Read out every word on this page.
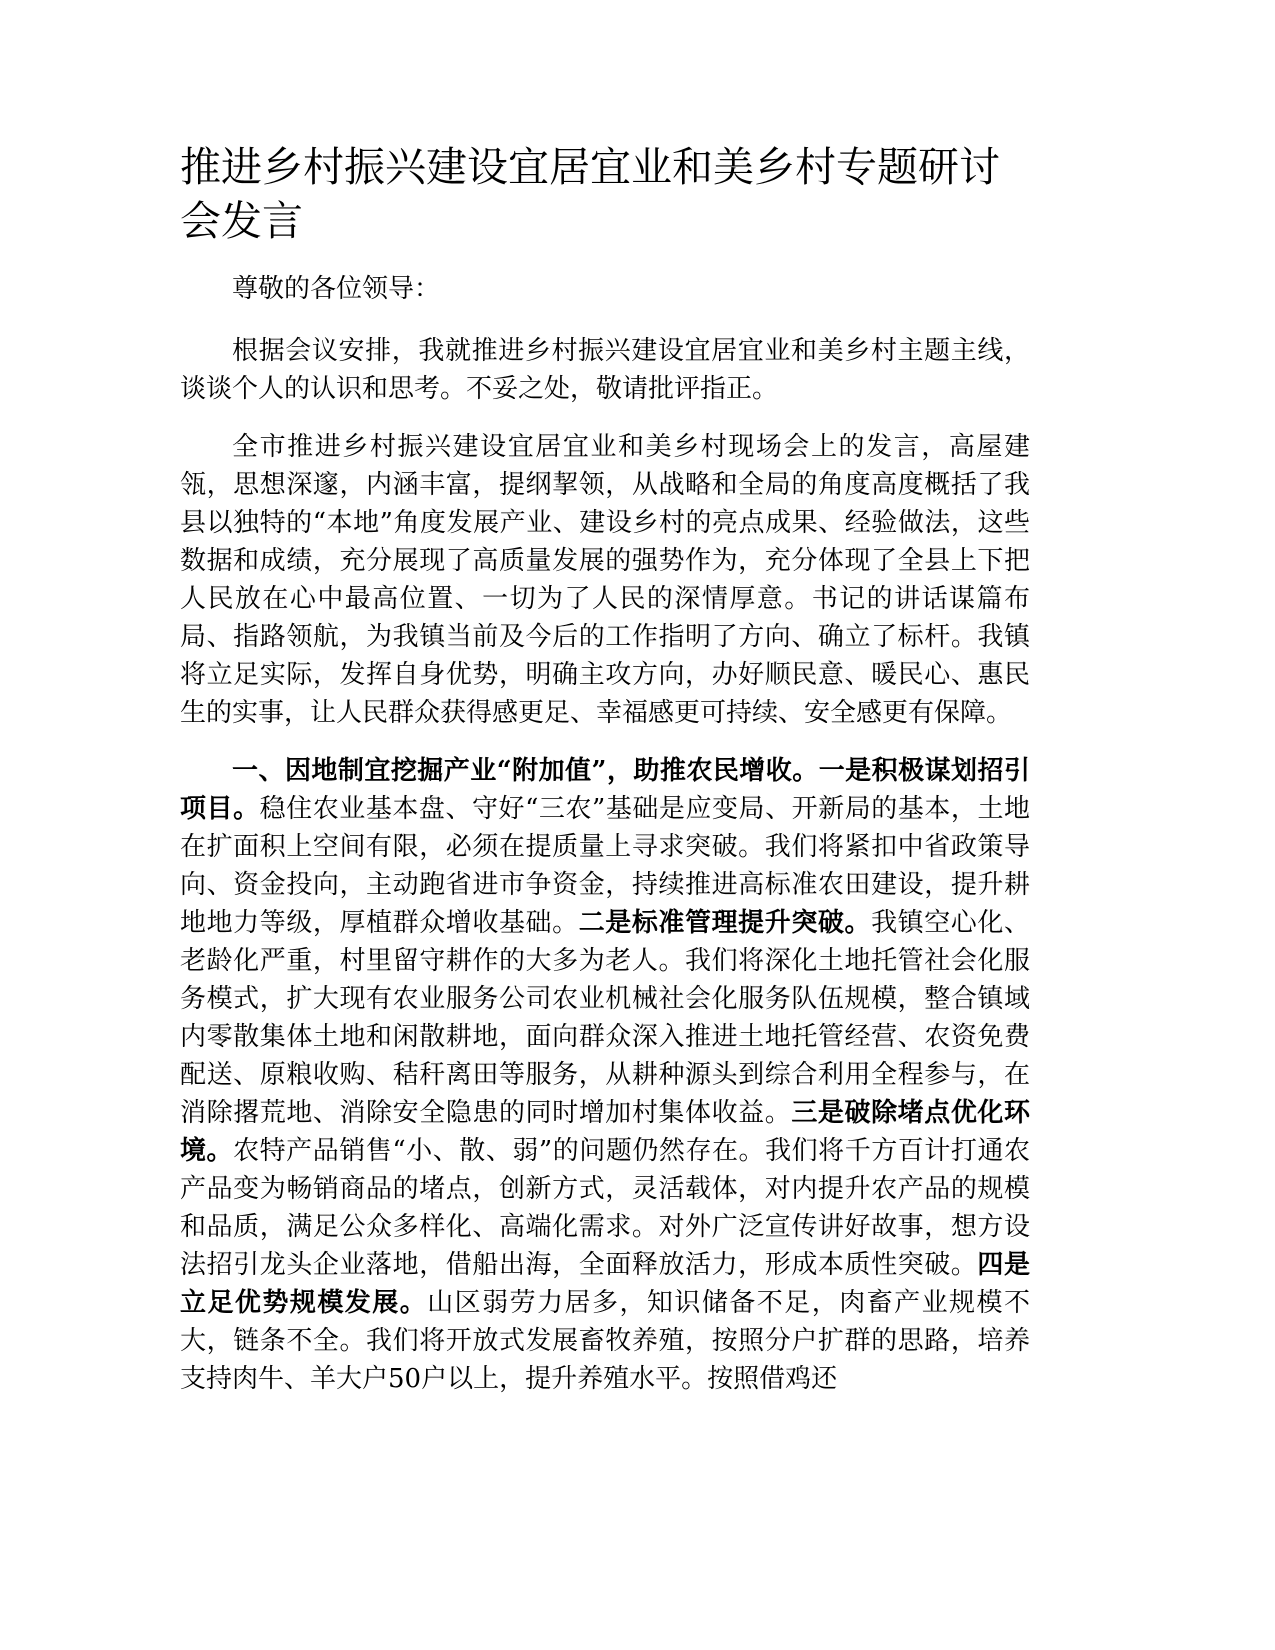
推进乡村振兴建设宜居宜业和美乡村专题研讨会发言

尊敬的各位领导：

根据会议安排，我就推进乡村振兴建设宜居宜业和美乡村主题主线，谈谈个人的认识和思考。不妥之处，敬请批评指正。

全市推进乡村振兴建设宜居宜业和美乡村现场会上的发言，高屋建瓴，思想深邃，内涵丰富，提纲挈领，从战略和全局的角度高度概括了我县以独特的“本地”角度发展产业、建设乡村的亮点成果、经验做法，这些数据和成绩，充分展现了高质量发展的强势作为，充分体现了全县上下把人民放在心中最高位置、一切为了人民的深情厚意。书记的讲话谋篇布局、指路领航，为我镇当前及今后的工作指明了方向、确立了标杆。我镇将立足实际，发挥自身优势，明确主攻方向，办好顺民意、暖民心、惠民生的实事，让人民群众获得感更足、幸福感更可持续、安全感更有保障。

一、因地制宜挖掘产业“附加值”，助推农民增收。一是积极谋划招引项目。稳住农业基本盘、守好“三农”基础是应变局、开新局的基本，土地在扩面积上空间有限，必须在提质量上寻求突破。我们将紧扣中省政策导向、资金投向，主动跑省进市争资金，持续推进高标准农田建设，提升耕地地力等级，厚植群众增收基础。二是标准管理提升突破。我镇空心化、老龄化严重，村里留守耕作的大多为老人。我们将深化土地托管社会化服务模式，扩大现有农业服务公司农业机械社会化服务队伍规模，整合镇域内零散集体土地和闲散耕地，面向群众深入推进土地托管经营、农资免费配送、原粮收购、秸秆离田等服务，从耕种源头到综合利用全程参与，在消除撂荒地、消除安全隐患的同时增加村集体收益。三是破除堵点优化环境。农特产品销售“小、散、弱”的问题仍然存在。我们将千方百计打通农产品变为畅销商品的堵点，创新方式，灵活载体，对内提升农产品的规模和品质，满足公众多样化、高端化需求。对外广泛宣传讲好故事，想方设法招引龙头企业落地，借船出海，全面释放活力，形成本质性突破。四是立足优势规模发展。山区弱劳力居多，知识储备不足，肉畜产业规模不大，链条不全。我们将开放式发展畜牧养殖，按照分户扩群的思路，培养支持肉牛、羊大户50户以上，提升养殖水平。按照借鸡还
